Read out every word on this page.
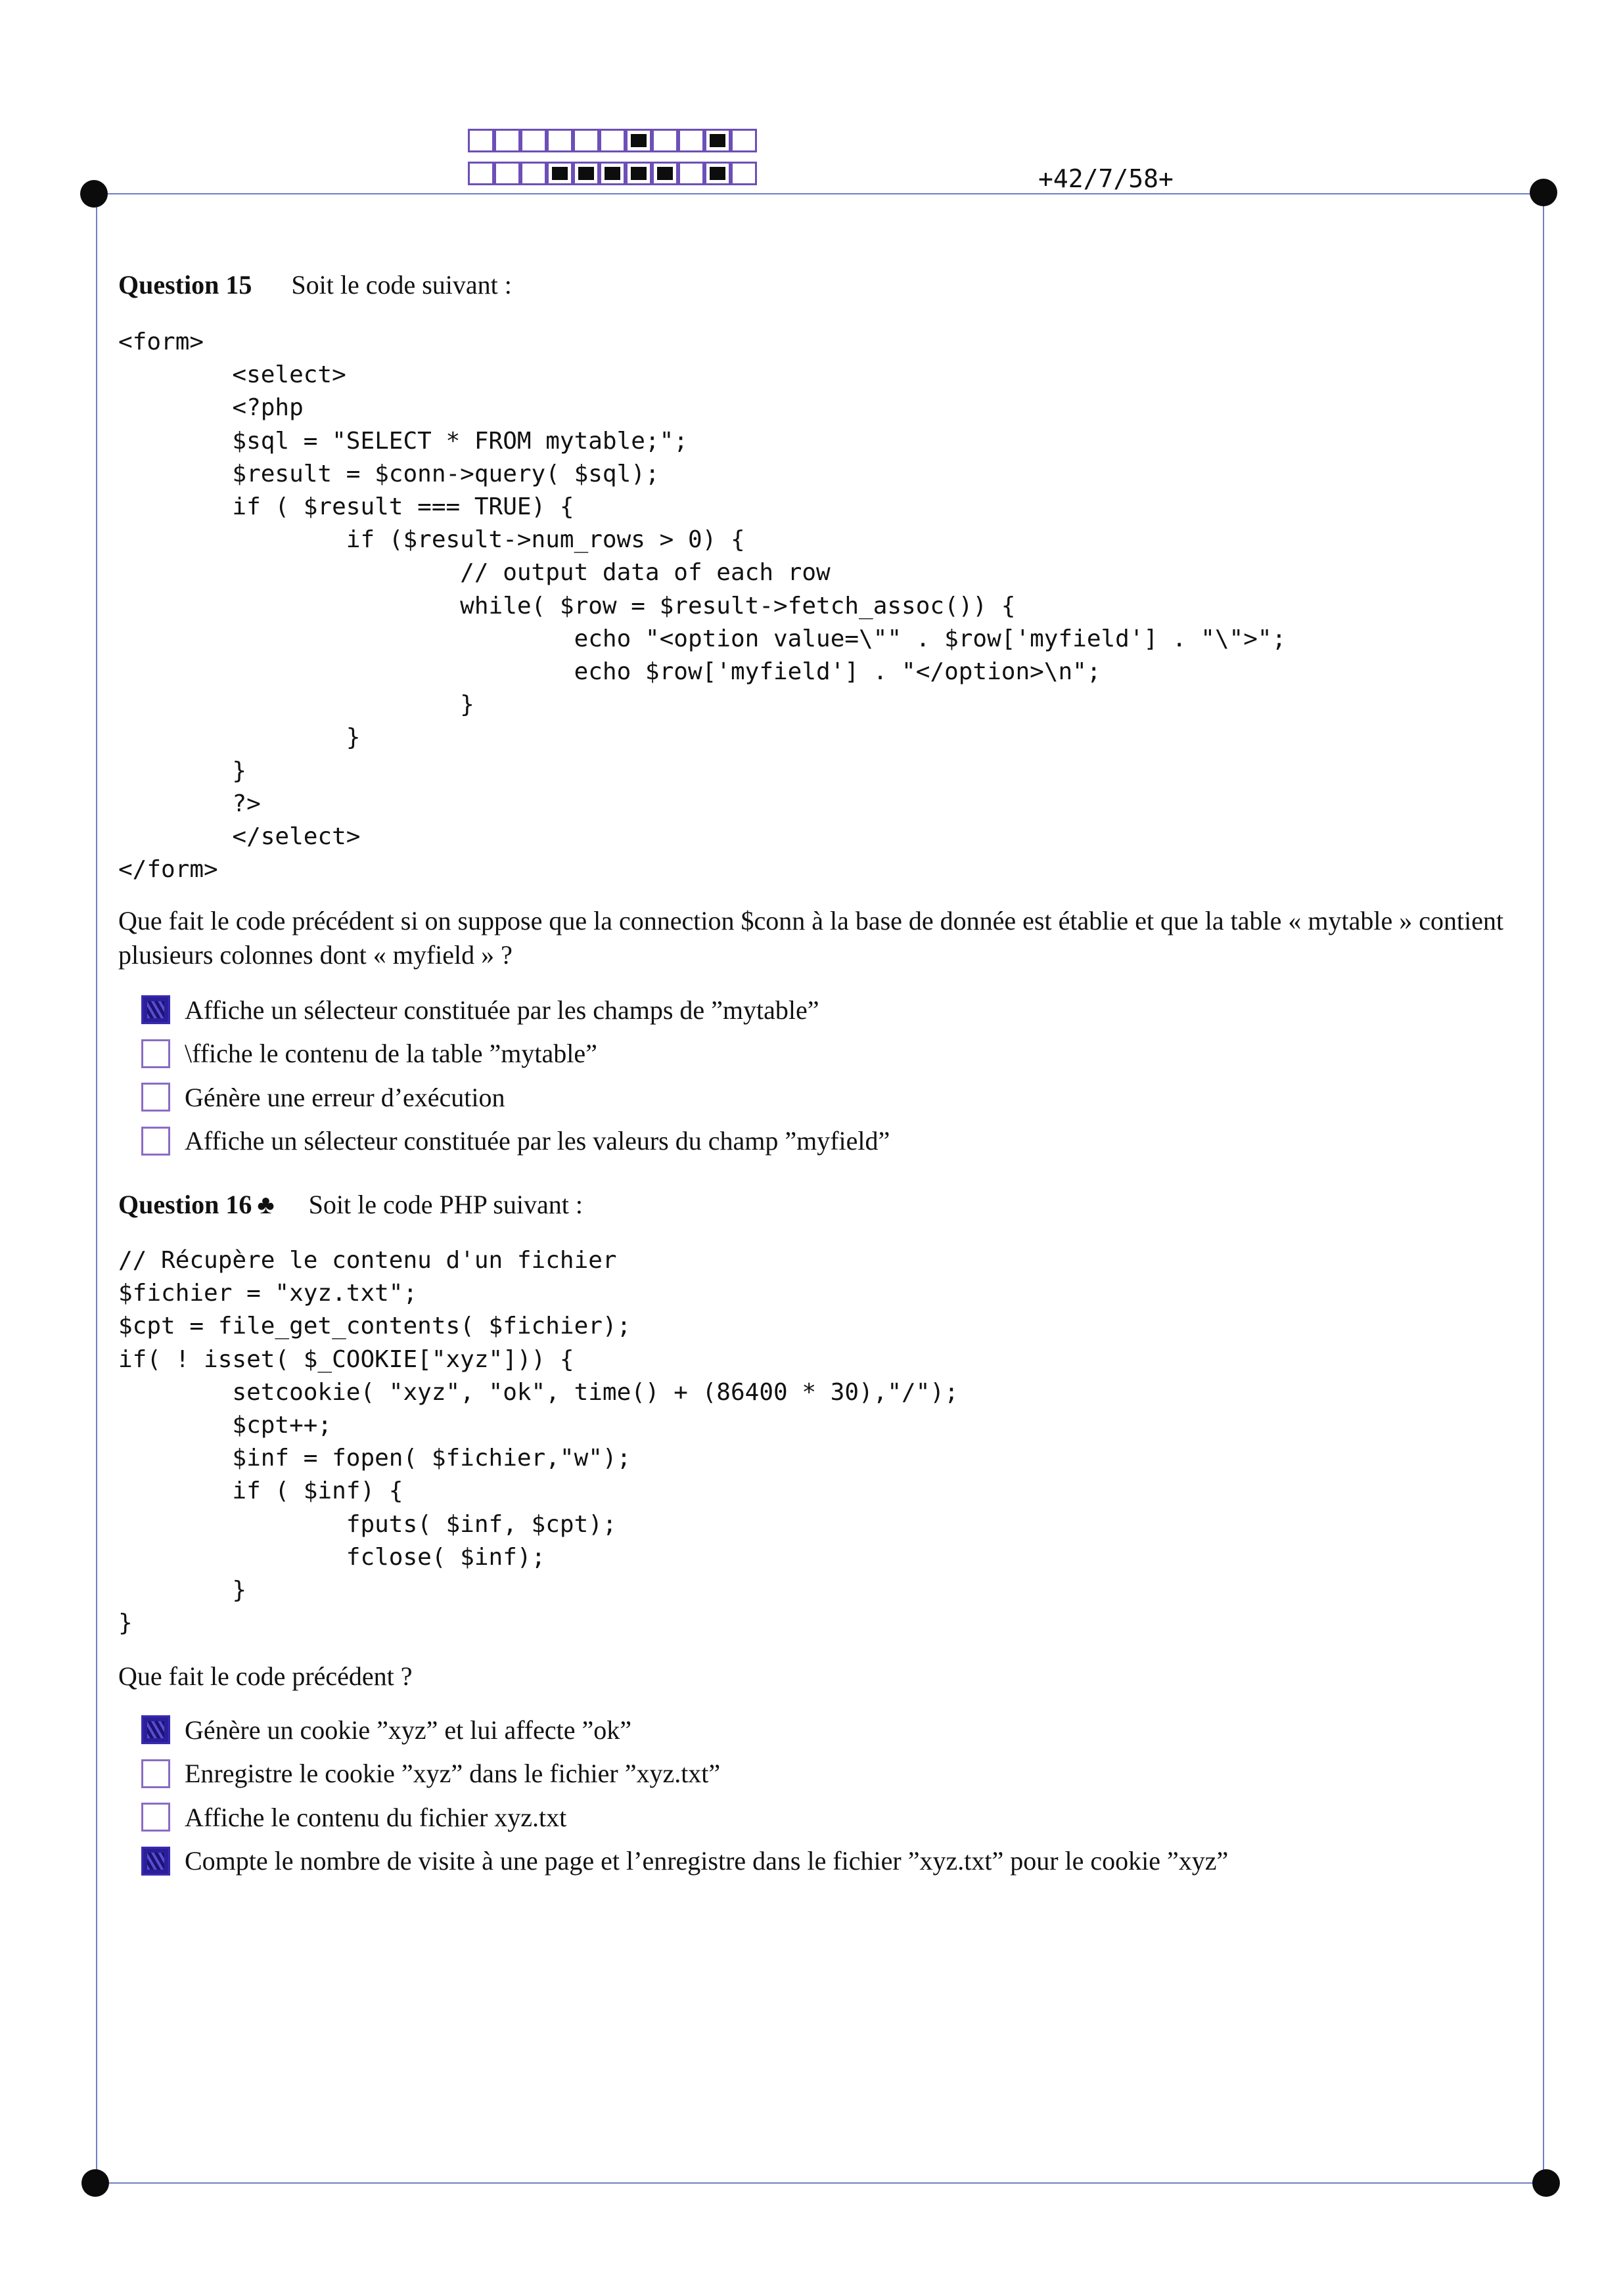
+42/7/58+
Question 15 Soit le code suivant :
<form>
<select>
<?php
$sql = "SELECT * FROM mytable;";
$result = $conn->query( $sql);
if ( $result === TRUE) {
if ($result->num_rows > 0) {
// output data of each row
while( $row = $result->fetch_assoc()) {
echo "<option value=\"" . $row['myfield'] . "\">";
echo $row['myfield'] . "</option>\n";
}
}
}
?>
</select>
</form>
Que fait le code précédent si on suppose que la connection $conn à la base de donnée est établie et que la table « mytable » contient plusieurs colonnes dont « myfield » ?
Affiche un sélecteur constituée par les champs de ”mytable”
\ffiche le contenu de la table ”mytable”
Génère une erreur d’exécution
Affiche un sélecteur constituée par les valeurs du champ ”myfield”
Question 16 ♣ Soit le code PHP suivant :
// Récupère le contenu d'un fichier
$fichier = "xyz.txt";
$cpt = file_get_contents( $fichier);
if( ! isset( $_COOKIE["xyz"])) {
setcookie( "xyz", "ok", time() + (86400 * 30),"/");
$cpt++;
$inf = fopen( $fichier,"w");
if ( $inf) {
fputs( $inf, $cpt);
fclose( $inf);
}
}
Que fait le code précédent ?
Génère un cookie ”xyz” et lui affecte ”ok”
Enregistre le cookie ”xyz” dans le fichier ”xyz.txt”
Affiche le contenu du fichier xyz.txt
Compte le nombre de visite à une page et l’enregistre dans le fichier ”xyz.txt” pour le cookie ”xyz”
